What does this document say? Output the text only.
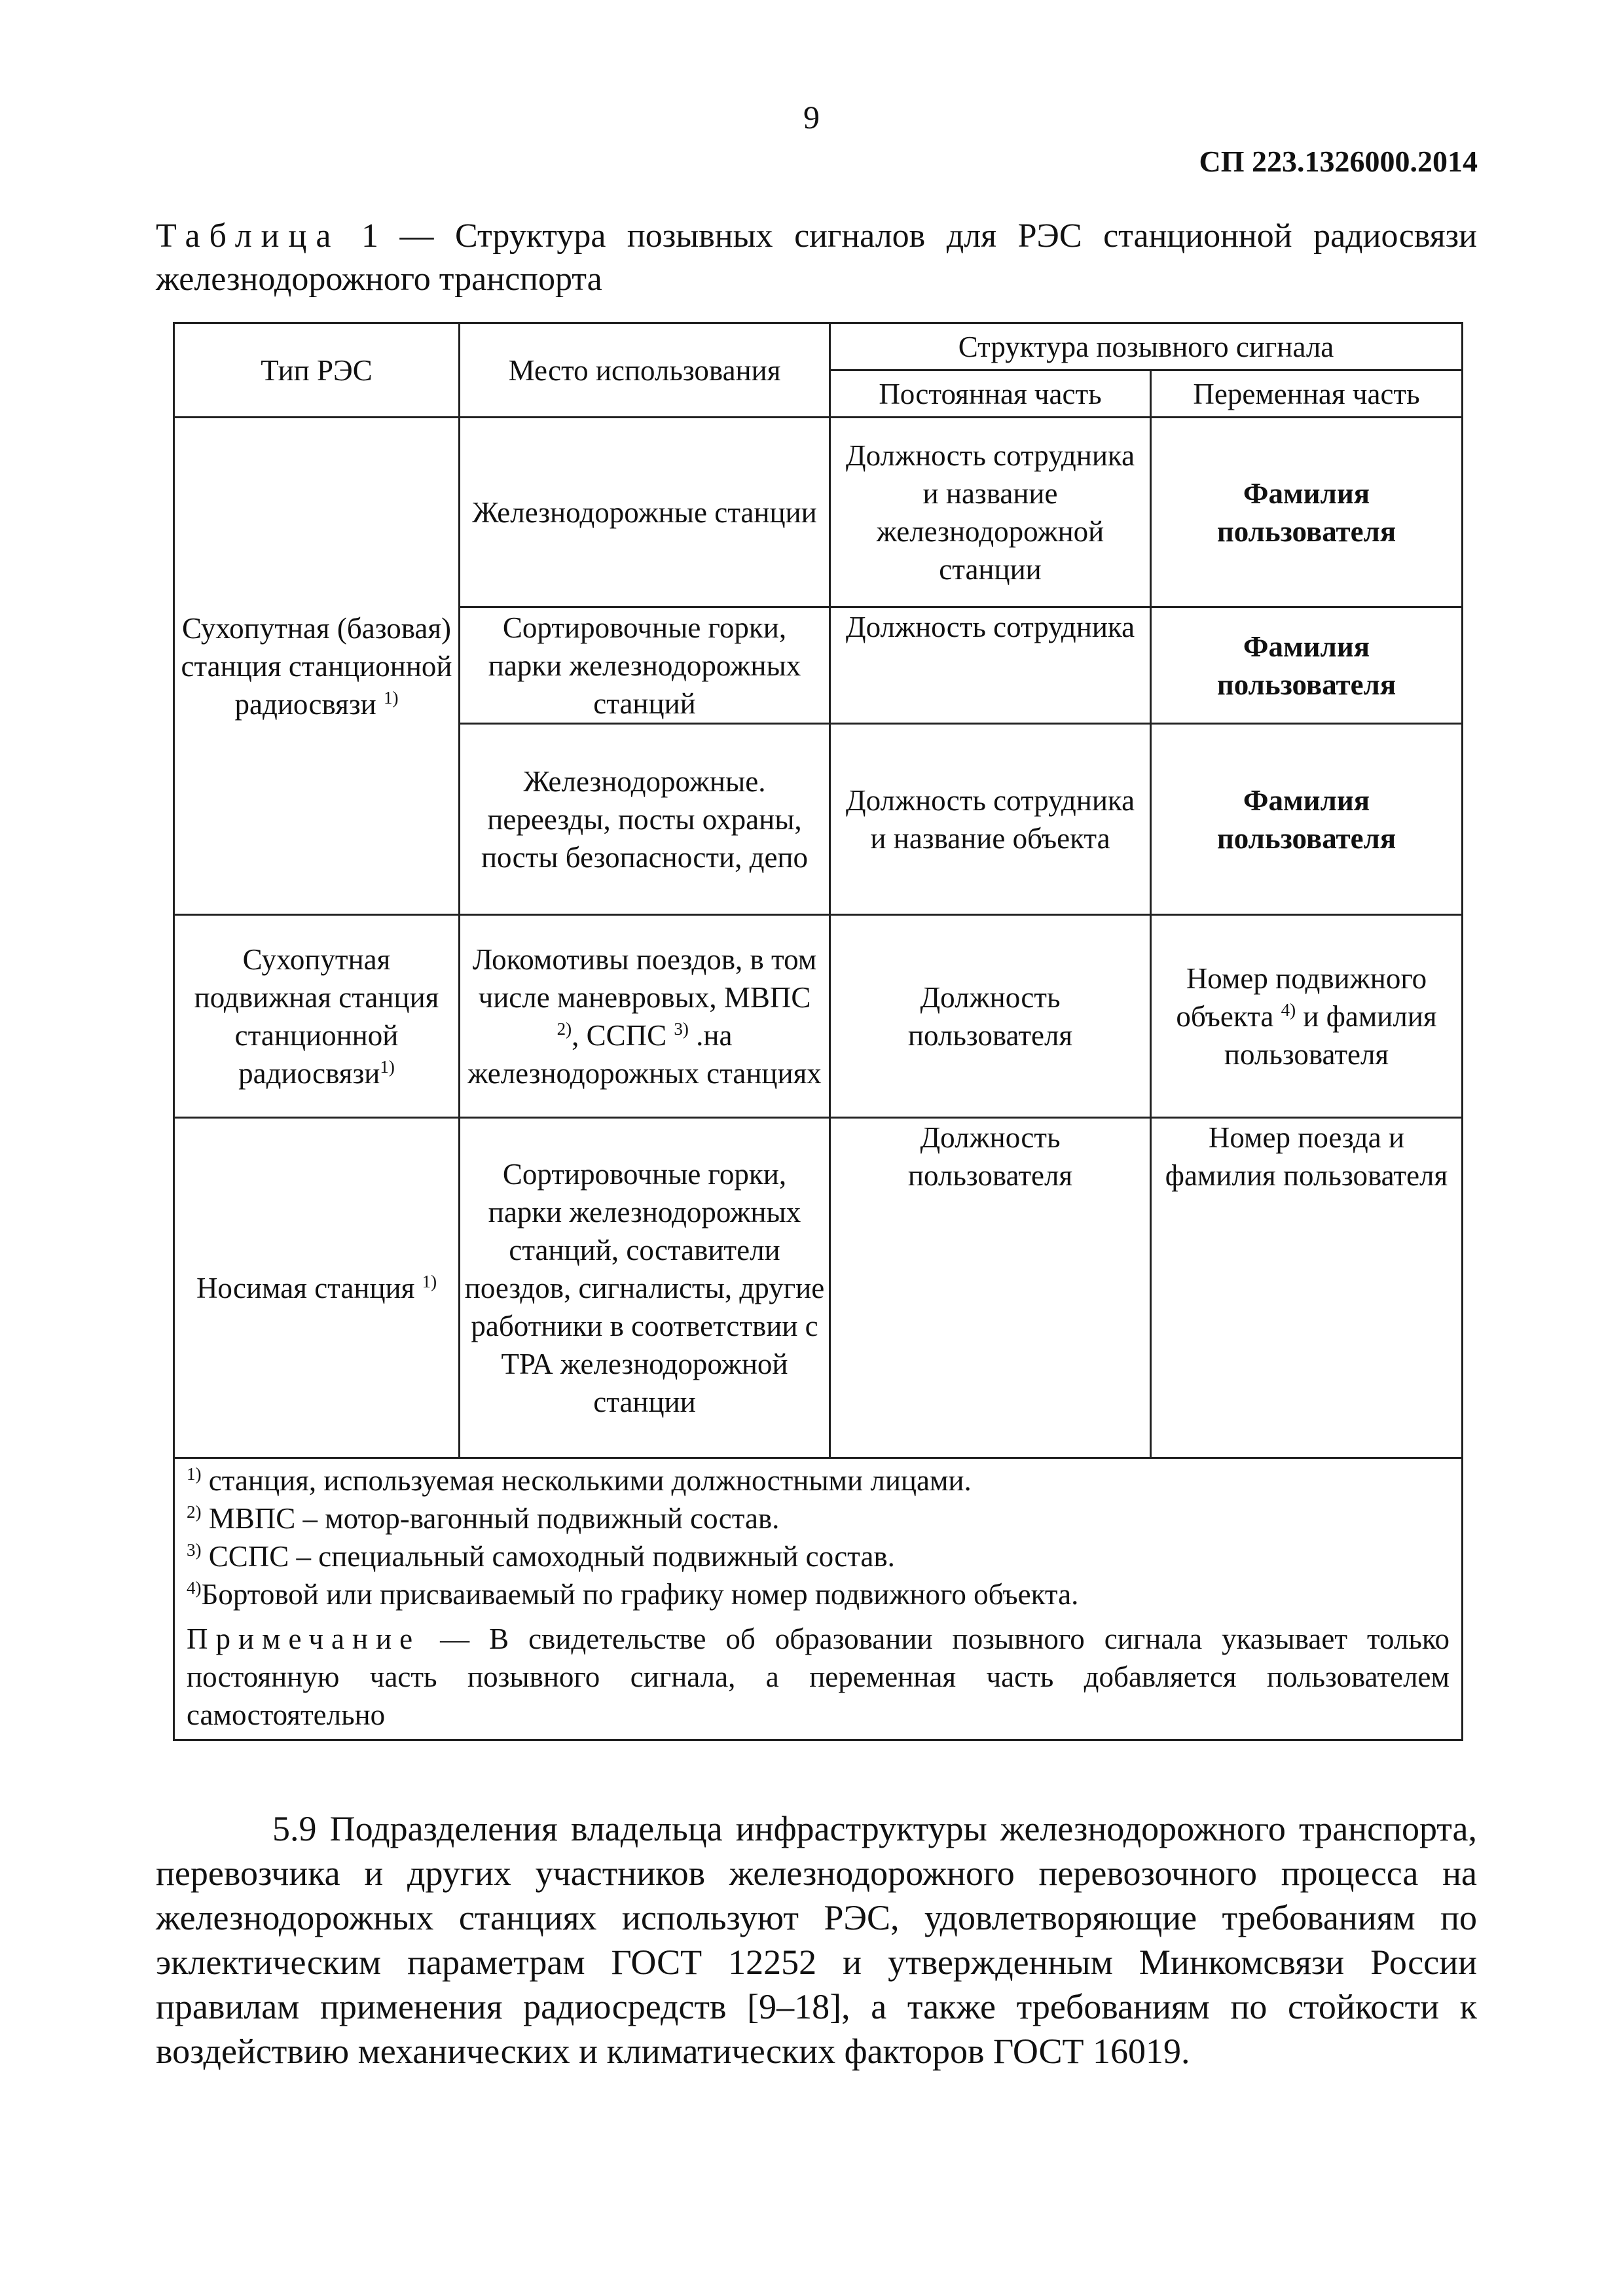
9
СП 223.1326000.2014
Таблица 1 — Структура позывных сигналов для РЭС станционной радиосвязи железнодорожного транспорта
Тип РЭС	Место использования	Структура позывного сигнала	
		Постоянная часть	Переменная часть
Сухопутная (базовая) станция станционной радиосвязи $^{1)}$	Железнодорожные станции	Должность сотрудника и название железнодорожной станции	Фамилия пользователя
	Сортировочные горки, парки железнодорожных станций	Должность сотрудника	Фамилия пользователя
	Железнодорожные. переезды, посты охраны, посты безопасности, депо	Должность сотрудника и название объекта	Фамилия пользователя
Сухопутная подвижная станция станционной радиосвязи$^{1)}$	Локомотивы поездов, в том числе маневровых, МВПС $^{2)}$, ССПС $^{3)}$ .на железнодорожных станциях	Должность пользователя	Номер подвижного объекта $^{4)}$ и фамилия пользователя
Носимая станция $^{1)}$	Сортировочные горки, парки железнодорожных станций, составители поездов, сигналисты, другие работники в соответствии с ТРА железнодорожной станции	Должность пользователя	Номер поезда и фамилия пользователя

$^{1)}$ станция, используемая несколькими должностными лицами.
$^{2)}$ МВПС – мотор-вагонный подвижный состав.
$^{3)}$ ССПС – специальный самоходный подвижный состав.
$^{4)}$Бортовой или присваиваемый по графику номер подвижного объекта.
Примечание — В свидетельстве об образовании позывного сигнала указывает только постоянную часть позывного сигнала, а переменная часть добавляется пользователем самостоятельно			
5.9 Подразделения владельца инфраструктуры железнодорожного транспорта, перевозчика и других участников железнодорожного перевозочного процесса на железнодорожных станциях используют РЭС, удовлетворяющие требованиям по эклектическим параметрам ГОСТ 12252 и утвержденным Минкомсвязи России правилам применения радиосредств [9–18], а также требованиям по стойкости к воздействию механических и климатических факторов ГОСТ 16019.
